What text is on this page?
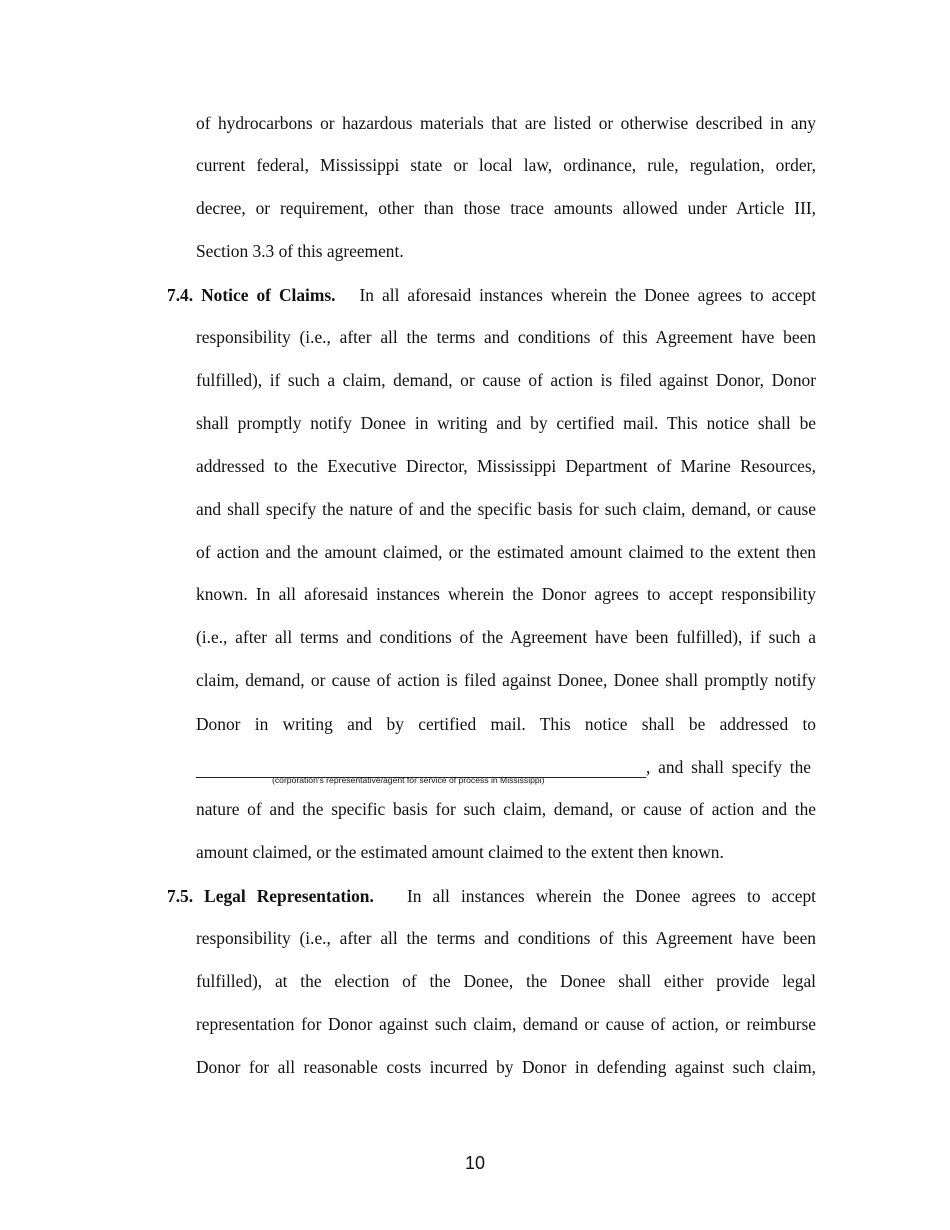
of hydrocarbons or hazardous materials that are listed or otherwise described in any
current federal, Mississippi state or local law, ordinance, rule, regulation, order,
decree, or requirement, other than those trace amounts allowed under Article III,
Section 3.3 of this agreement.
7.4. Notice of Claims. In all aforesaid instances wherein the Donee agrees to accept
responsibility (i.e., after all the terms and conditions of this Agreement have been
fulfilled), if such a claim, demand, or cause of action is filed against Donor, Donor
shall promptly notify Donee in writing and by certified mail. This notice shall be
addressed to the Executive Director, Mississippi Department of Marine Resources,
and shall specify the nature of and the specific basis for such claim, demand, or cause
of action and the amount claimed, or the estimated amount claimed to the extent then
known. In all aforesaid instances wherein the Donor agrees to accept responsibility
(i.e., after all terms and conditions of the Agreement have been fulfilled), if such a
claim, demand, or cause of action is filed against Donee, Donee shall promptly notify
Donor in writing and by certified mail. This notice shall be addressed to
(corporation's representative/agent for service of process in Mississippi)
, and shall specify the
nature of and the specific basis for such claim, demand, or cause of action and the
amount claimed, or the estimated amount claimed to the extent then known.
7.5. Legal Representation. In all instances wherein the Donee agrees to accept
responsibility (i.e., after all the terms and conditions of this Agreement have been
fulfilled), at the election of the Donee, the Donee shall either provide legal
representation for Donor against such claim, demand or cause of action, or reimburse
Donor for all reasonable costs incurred by Donor in defending against such claim,
10
